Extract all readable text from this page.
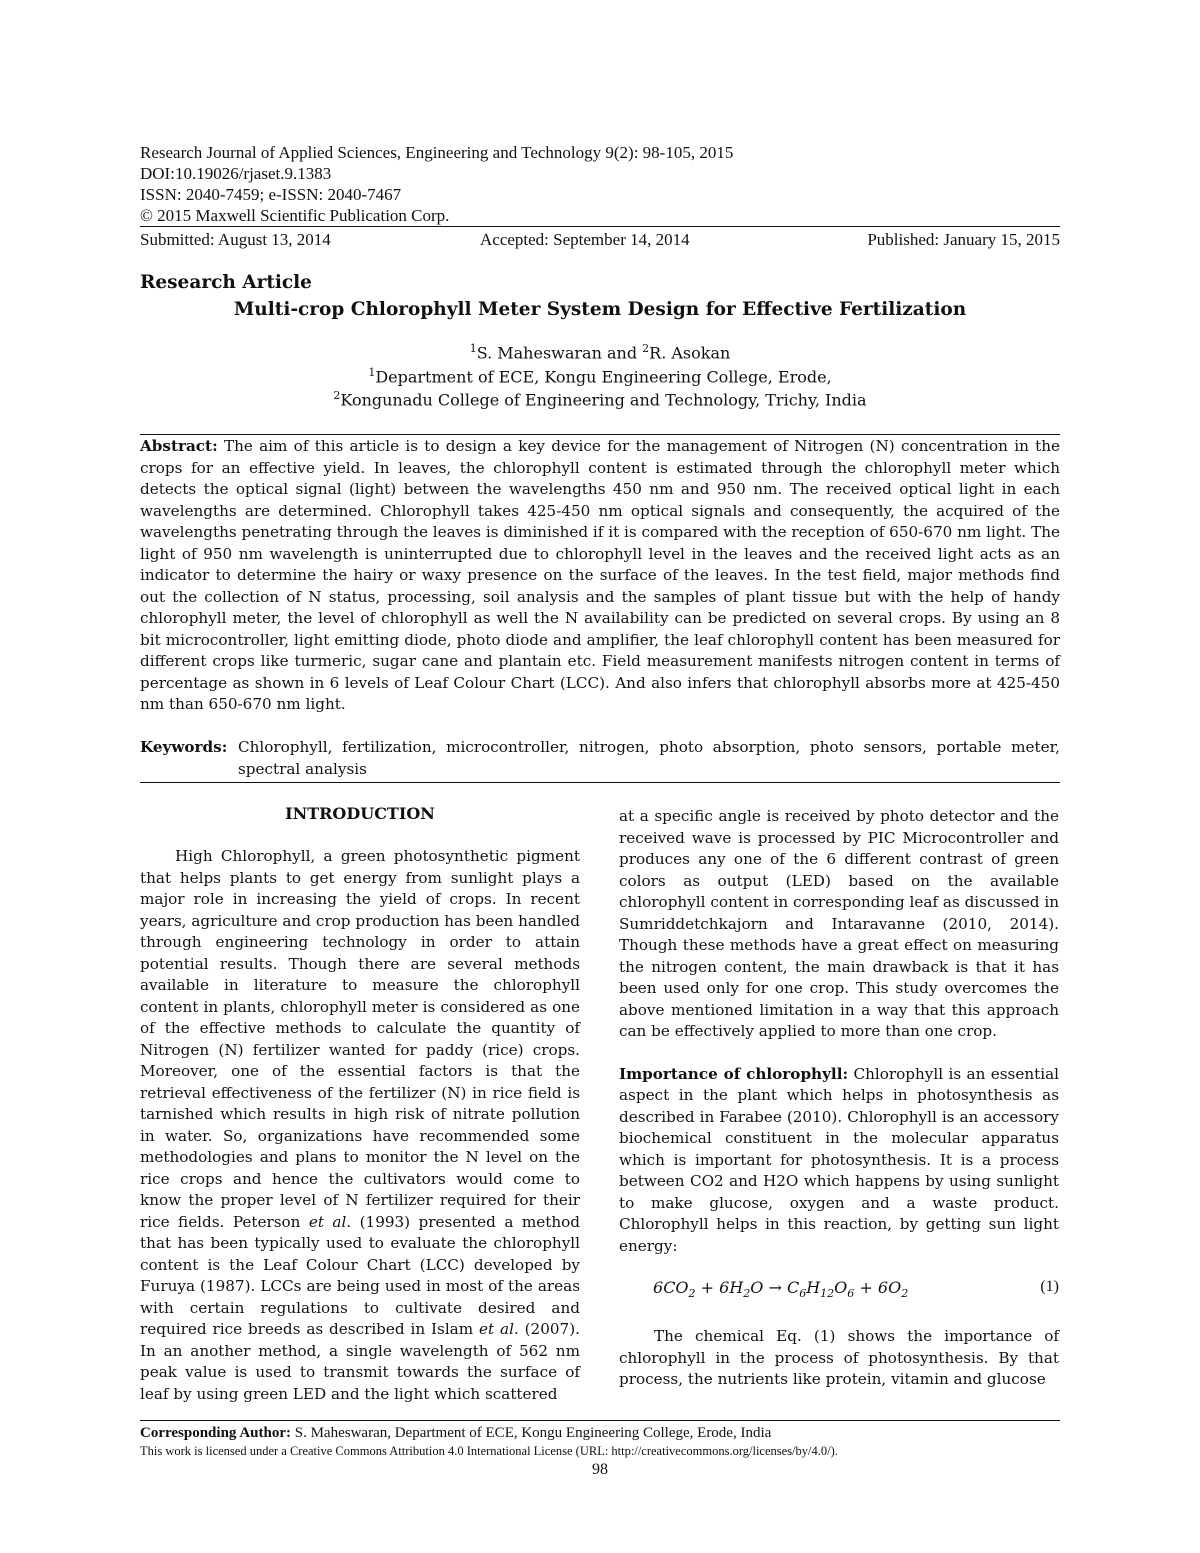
Research Journal of Applied Sciences, Engineering and Technology 9(2): 98-105, 2015
DOI:10.19026/rjaset.9.1383
ISSN: 2040-7459; e-ISSN: 2040-7467
© 2015 Maxwell Scientific Publication Corp.
Submitted: August 13, 2014	Accepted: September 14, 2014	Published: January 15, 2015
Research Article
Multi-crop Chlorophyll Meter System Design for Effective Fertilization
$^1$S. Maheswaran and $^2$R. Asokan
$^1$Department of ECE, Kongu Engineering College, Erode,
$^2$Kongunadu College of Engineering and Technology, Trichy, India
Abstract: The aim of this article is to design a key device for the management of Nitrogen (N) concentration in the crops for an effective yield. In leaves, the chlorophyll content is estimated through the chlorophyll meter which detects the optical signal (light) between the wavelengths 450 nm and 950 nm. The received optical light in each wavelengths are determined. Chlorophyll takes 425-450 nm optical signals and consequently, the acquired of the wavelengths penetrating through the leaves is diminished if it is compared with the reception of 650-670 nm light. The light of 950 nm wavelength is uninterrupted due to chlorophyll level in the leaves and the received light acts as an indicator to determine the hairy or waxy presence on the surface of the leaves. In the test field, major methods find out the collection of N status, processing, soil analysis and the samples of plant tissue but with the help of handy chlorophyll meter, the level of chlorophyll as well the N availability can be predicted on several crops. By using an 8 bit microcontroller, light emitting diode, photo diode and amplifier, the leaf chlorophyll content has been measured for different crops like turmeric, sugar cane and plantain etc. Field measurement manifests nitrogen content in terms of percentage as shown in 6 levels of Leaf Colour Chart (LCC). And also infers that chlorophyll absorbs more at 425-450 nm than 650-670 nm light.
Keywords: Chlorophyll, fertilization, microcontroller, nitrogen, photo absorption, photo sensors, portable meter, spectral analysis
INTRODUCTION

High Chlorophyll, a green photosynthetic pigment that helps plants to get energy from sunlight plays a major role in increasing the yield of crops. In recent years, agriculture and crop production has been handled through engineering technology in order to attain potential results. Though there are several methods available in literature to measure the chlorophyll content in plants, chlorophyll meter is considered as one of the effective methods to calculate the quantity of Nitrogen (N) fertilizer wanted for paddy (rice) crops. Moreover, one of the essential factors is that the retrieval effectiveness of the fertilizer (N) in rice field is tarnished which results in high risk of nitrate pollution in water. So, organizations have recommended some methodologies and plans to monitor the N level on the rice crops and hence the cultivators would come to know the proper level of N fertilizer required for their rice fields. Peterson et al. (1993) presented a method that has been typically used to evaluate the chlorophyll content is the Leaf Colour Chart (LCC) developed by Furuya (1987). LCCs are being used in most of the areas with certain regulations to cultivate desired and required rice breeds as described in Islam et al. (2007). In an another method, a single wavelength of 562 nm peak value is used to transmit towards the surface of leaf by using green LED and the light which scattered

at a specific angle is received by photo detector and the received wave is processed by PIC Microcontroller and produces any one of the 6 different contrast of green colors as output (LED) based on the available chlorophyll content in corresponding leaf as discussed in Sumriddetchkajorn and Intaravanne (2010, 2014). Though these methods have a great effect on measuring the nitrogen content, the main drawback is that it has been used only for one crop. This study overcomes the above mentioned limitation in a way that this approach can be effectively applied to more than one crop.

Importance of chlorophyll: Chlorophyll is an essential aspect in the plant which helps in photosynthesis as described in Farabee (2010). Chlorophyll is an accessory biochemical constituent in the molecular apparatus which is important for photosynthesis. It is a process between CO2 and H2O which happens by using sunlight to make glucose, oxygen and a waste product. Chlorophyll helps in this reaction, by getting sun light energy:

$6CO_2 + 6H_2O \to C_6H_{12}O_6 + 6O_2$	(1)

The chemical Eq. (1) shows the importance of chlorophyll in the process of photosynthesis. By that process, the nutrients like protein, vitamin and glucose

Corresponding Author: S. Maheswaran, Department of ECE, Kongu Engineering College, Erode, India
This work is licensed under a Creative Commons Attribution 4.0 International License (URL: http://creativecommons.org/licenses/by/4.0/).
98
